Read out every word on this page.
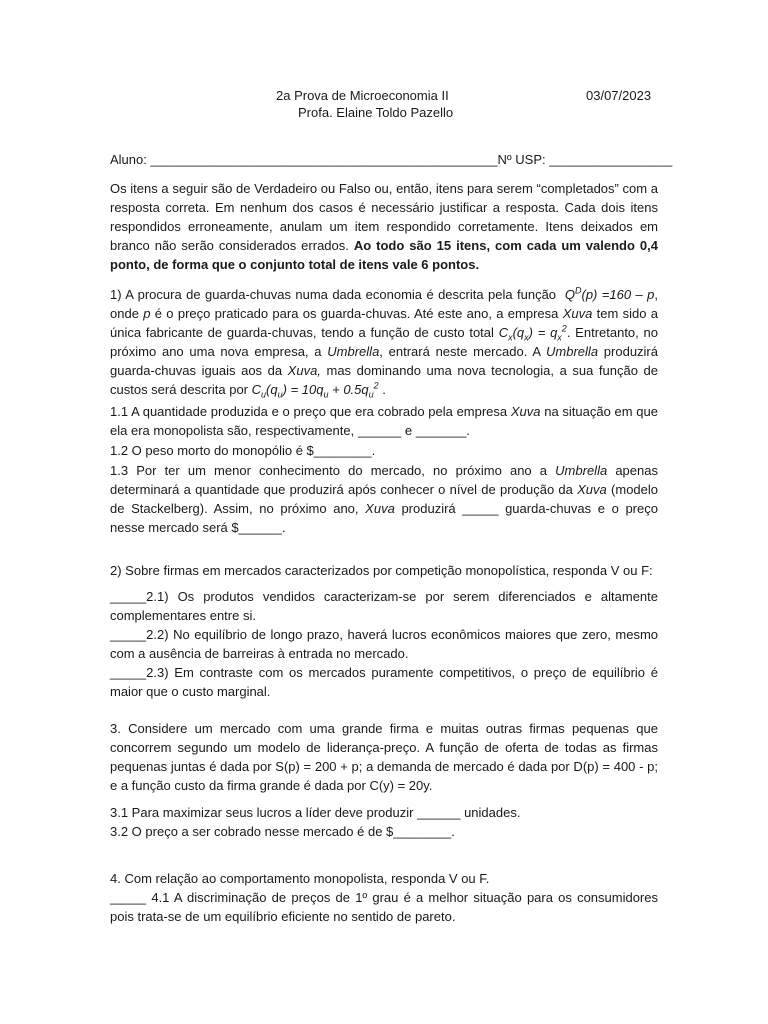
2a Prova de Microeconomia II	03/07/2023
Profa. Elaine Toldo Pazello
Aluno: ________________________________________________Nº USP: _________________

Os itens a seguir são de Verdadeiro ou Falso ou, então, itens para serem “completados” com a resposta correta. Em nenhum dos casos é necessário justificar a resposta. Cada dois itens respondidos erroneamente, anulam um item respondido corretamente. Itens deixados em branco não serão considerados errados. Ao todo são 15 itens, com cada um valendo 0,4 ponto, de forma que o conjunto total de itens vale 6 pontos.

1) A procura de guarda-chuvas numa dada economia é descrita pela função $Q^D(p) =160 - p$, onde p é o preço praticado para os guarda-chuvas. Até este ano, a empresa Xuva tem sido a única fabricante de guarda-chuvas, tendo a função de custo total $C_x(q_x) = q_x^2$. Entretanto, no próximo ano uma nova empresa, a Umbrella, entrará neste mercado. A Umbrella produzirá guarda-chuvas iguais aos da Xuva, mas dominando uma nova tecnologia, a sua função de custos será descrita por $C_u(q_u) = 10q_u + 0.5q_u^2$ .

1.1 A quantidade produzida e o preço que era cobrado pela empresa Xuva na situação em que ela era monopolista são, respectivamente, ______ e _______.

1.2 O peso morto do monopólio é $________.

1.3 Por ter um menor conhecimento do mercado, no próximo ano a Umbrella apenas determinará a quantidade que produzirá após conhecer o nível de produção da Xuva (modelo de Stackelberg). Assim, no próximo ano, Xuva produzirá _____ guarda-chuvas e o preço nesse mercado será $______.

2) Sobre firmas em mercados caracterizados por competição monopolística, responda V ou F:

_____2.1) Os produtos vendidos caracterizam-se por serem diferenciados e altamente complementares entre si.

_____2.2) No equilíbrio de longo prazo, haverá lucros econômicos maiores que zero, mesmo com a ausência de barreiras à entrada no mercado.

_____2.3) Em contraste com os mercados puramente competitivos, o preço de equilíbrio é maior que o custo marginal.

3. Considere um mercado com uma grande firma e muitas outras firmas pequenas que concorrem segundo um modelo de liderança-preço. A função de oferta de todas as firmas pequenas juntas é dada por S(p) = 200 + p; a demanda de mercado é dada por D(p) = 400 - p; e a função custo da firma grande é dada por C(y) = 20y.

3.1 Para maximizar seus lucros a líder deve produzir ______ unidades.

3.2 O preço a ser cobrado nesse mercado é de $________.

4. Com relação ao comportamento monopolista, responda V ou F.

_____ 4.1 A discriminação de preços de 1º grau é a melhor situação para os consumidores pois trata-se de um equilíbrio eficiente no sentido de pareto.
